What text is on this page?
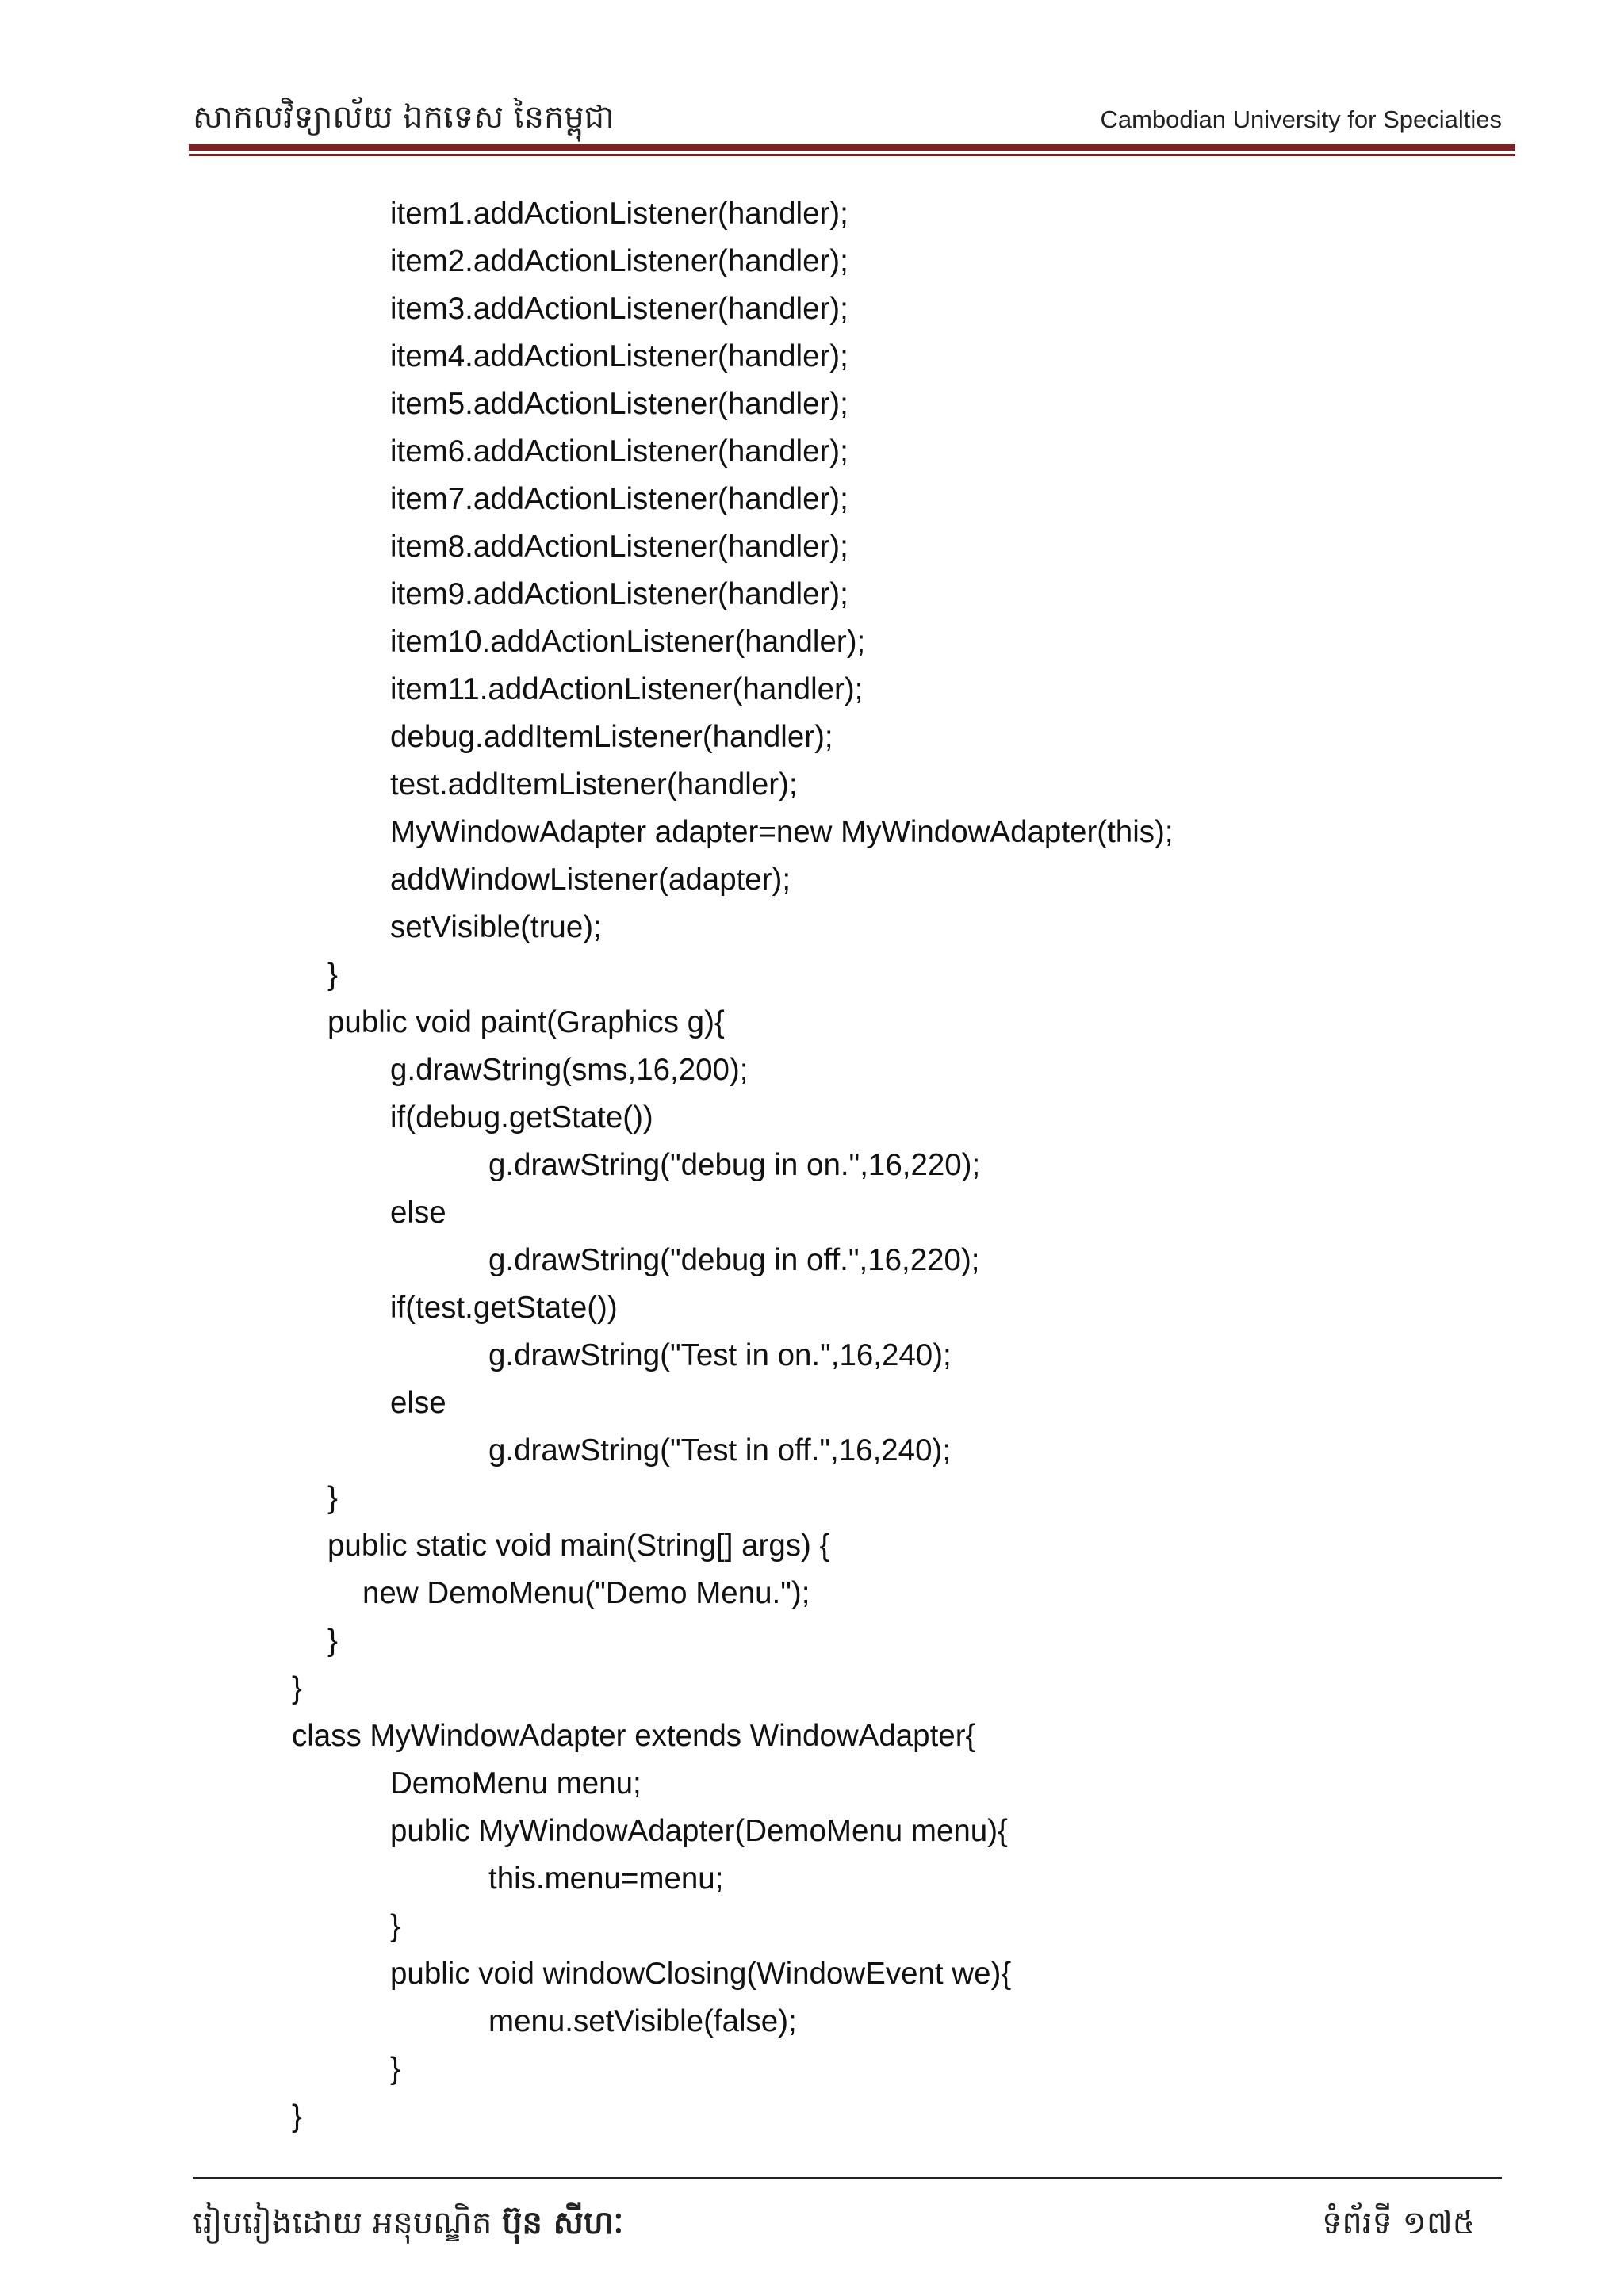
សាកលវិទ្យាល័យ ឯកទេស នៃកម្ពុជា	Cambodian University for Specialties
item1.addActionListener(handler);
item2.addActionListener(handler);
item3.addActionListener(handler);
item4.addActionListener(handler);
item5.addActionListener(handler);
item6.addActionListener(handler);
item7.addActionListener(handler);
item8.addActionListener(handler);
item9.addActionListener(handler);
item10.addActionListener(handler);
item11.addActionListener(handler);
debug.addItemListener(handler);
test.addItemListener(handler);
MyWindowAdapter adapter=new MyWindowAdapter(this);
addWindowListener(adapter);
setVisible(true);
}
public void paint(Graphics g){
g.drawString(sms,16,200);
if(debug.getState())
g.drawString("debug in on.",16,220);
else
g.drawString("debug in off.",16,220);
if(test.getState())
g.drawString("Test in on.",16,240);
else
g.drawString("Test in off.",16,240);
}
public static void main(String[] args) {
new DemoMenu("Demo Menu.");
}
}
class MyWindowAdapter extends WindowAdapter{
DemoMenu menu;
public MyWindowAdapter(DemoMenu menu){
this.menu=menu;
}
public void windowClosing(WindowEvent we){
menu.setVisible(false);
}
}
រៀបរៀងដោយ អនុបណ្ឌិត ប៊ុន សីហៈ	ទំព័រទី ១៧៥
